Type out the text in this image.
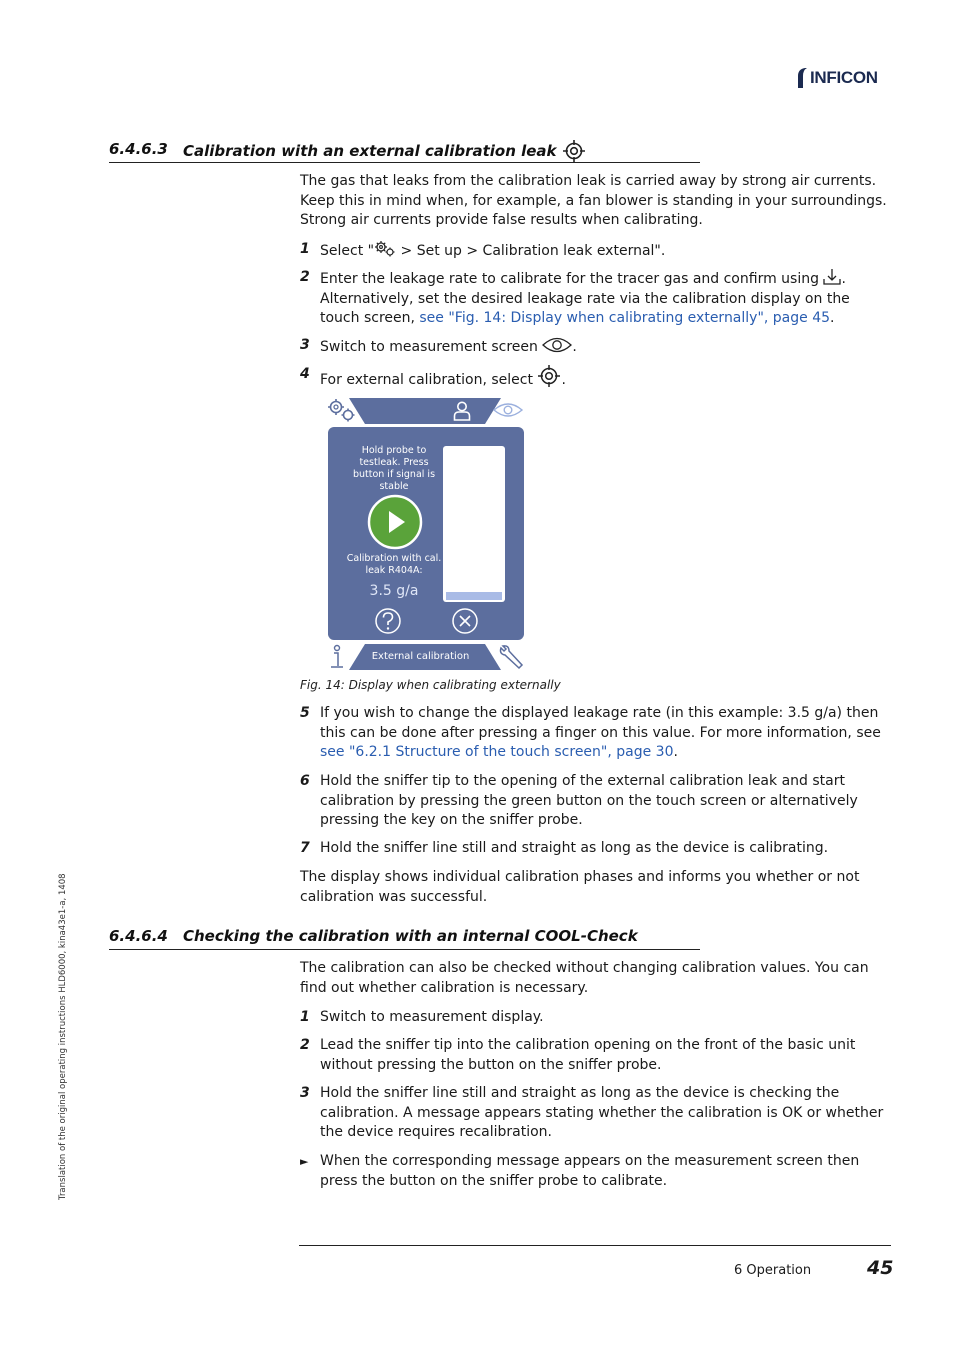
INFICON
6.4.6.3 Calibration with an external calibration leak

The gas that leaks from the calibration leak is carried away by strong air currents. Keep this in mind when, for example, a fan blower is standing in your surroundings. Strong air currents provide false results when calibrating.

1 Select " > Set up > Calibration leak external".
2 Enter the leakage rate to calibrate for the tracer gas and confirm using . Alternatively, set the desired leakage rate via the calibration display on the touch screen, see "Fig. 14: Display when calibrating externally", page 45.
3 Switch to measurement screen .
4 For external calibration, select .
Hold probe to testleak. Press button if signal is stable
Calibration with cal. leak R404A:
3.5 g/a
External calibration
Fig. 14: Display when calibrating externally
5 If you wish to change the displayed leakage rate (in this example: 3.5 g/a) then this can be done after pressing a finger on this value. For more information, see see "6.2.1 Structure of the touch screen", page 30.
6 Hold the sniffer tip to the opening of the external calibration leak and start calibration by pressing the green button on the touch screen or alternatively pressing the key on the sniffer probe.
7 Hold the sniffer line still and straight as long as the device is calibrating.

The display shows individual calibration phases and informs you whether or not calibration was successful.

6.4.6.4 Checking the calibration with an internal COOL-Check

The calibration can also be checked without changing calibration values. You can find out whether calibration is necessary.

1 Switch to measurement display.
2 Lead the sniffer tip into the calibration opening on the front of the basic unit without pressing the button on the sniffer probe.
3 Hold the sniffer line still and straight as long as the device is checking the calibration. A message appears stating whether the calibration is OK or whether the device requires recalibration.
► When the corresponding message appears on the measurement screen then press the button on the sniffer probe to calibrate.
6 Operation	45
Translation of the original operating instructions HLD6000, kina43e1-a, 1408
